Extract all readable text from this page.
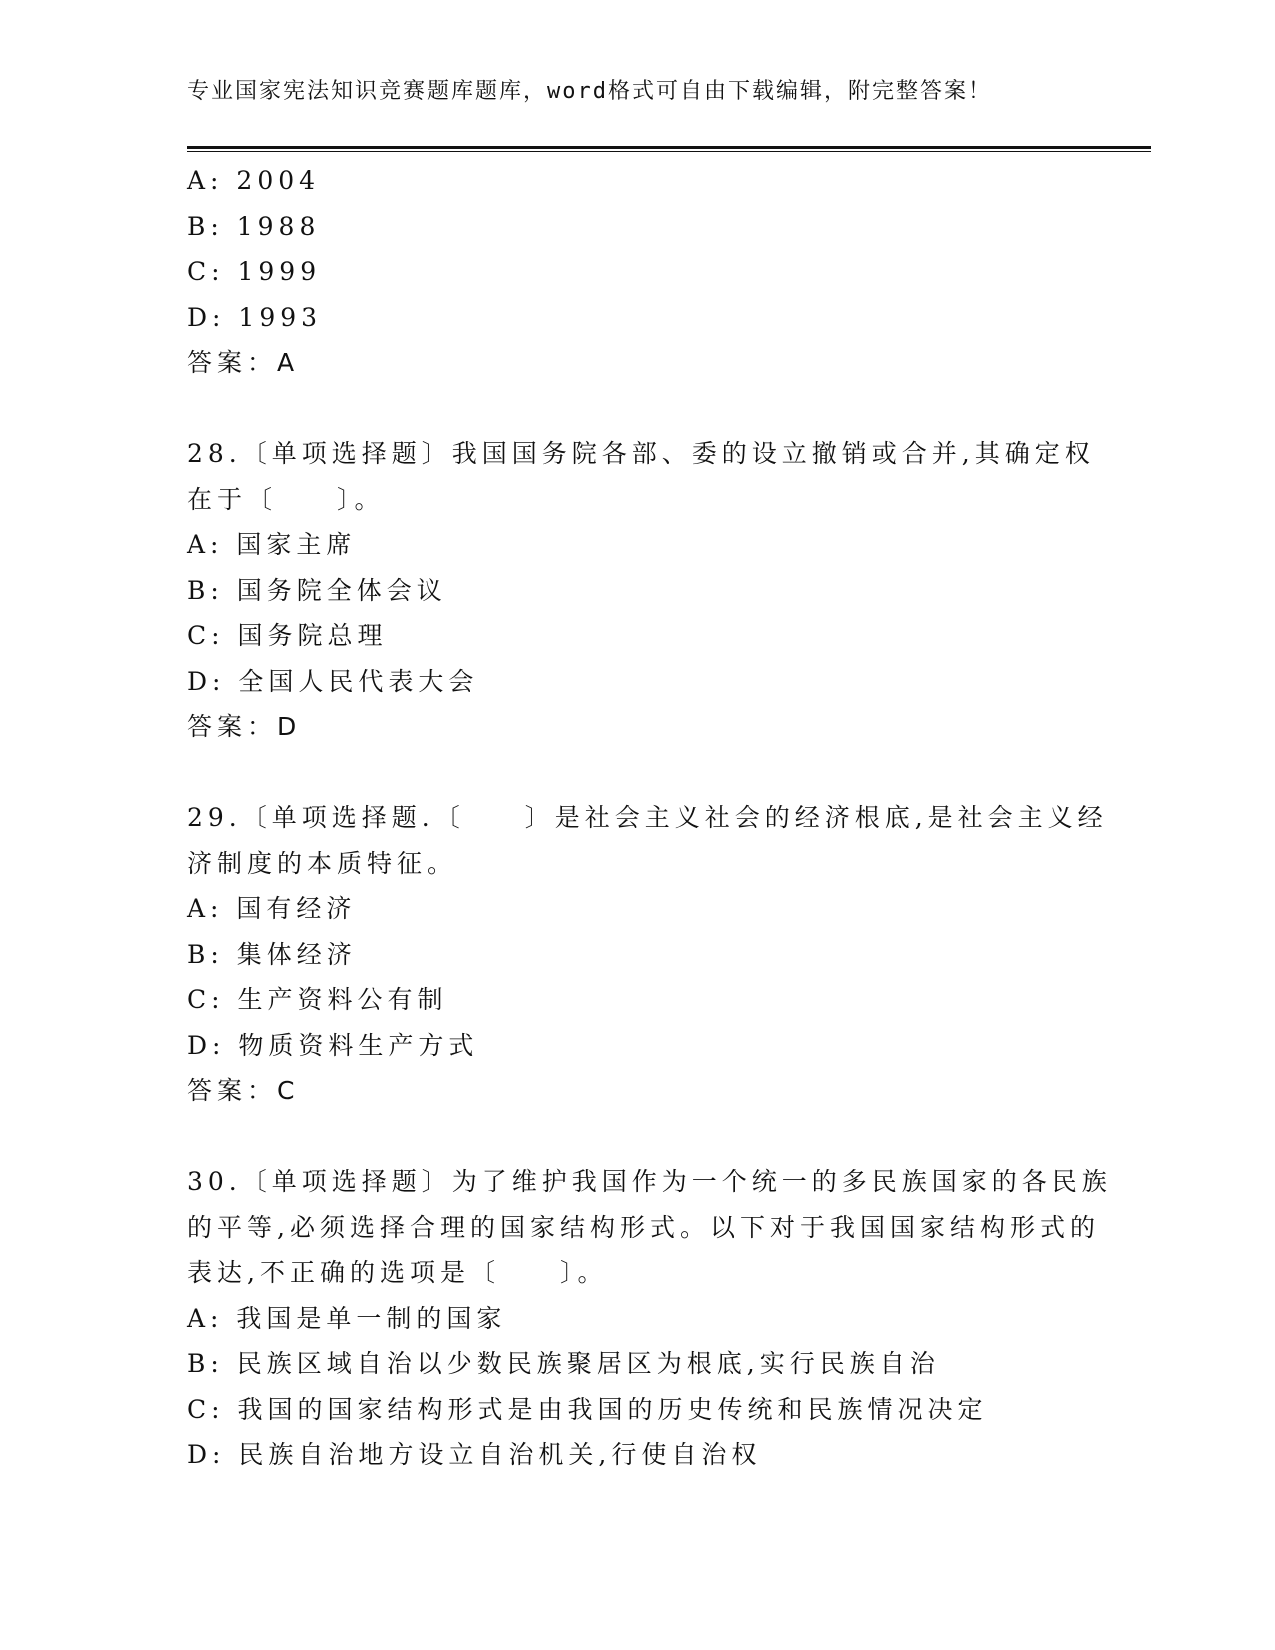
专业国家宪法知识竞赛题库题库，word格式可自由下载编辑，附完整答案！
A: 2004
B: 1988
C: 1999
D: 1993
答案：A
28.〔单项选择题〕我国国务院各部、委的设立撤销或合并,其确定权
在于〔　　〕。
A: 国家主席
B: 国务院全体会议
C: 国务院总理
D: 全国人民代表大会
答案：D
29.〔单项选择题.〔　　〕是社会主义社会的经济根底,是社会主义经
济制度的本质特征。
A: 国有经济
B: 集体经济
C: 生产资料公有制
D: 物质资料生产方式
答案：C
30.〔单项选择题〕为了维护我国作为一个统一的多民族国家的各民族
的平等,必须选择合理的国家结构形式。以下对于我国国家结构形式的
表达,不正确的选项是〔　　〕。
A: 我国是单一制的国家
B: 民族区域自治以少数民族聚居区为根底,实行民族自治
C: 我国的国家结构形式是由我国的历史传统和民族情况决定
D: 民族自治地方设立自治机关,行使自治权
